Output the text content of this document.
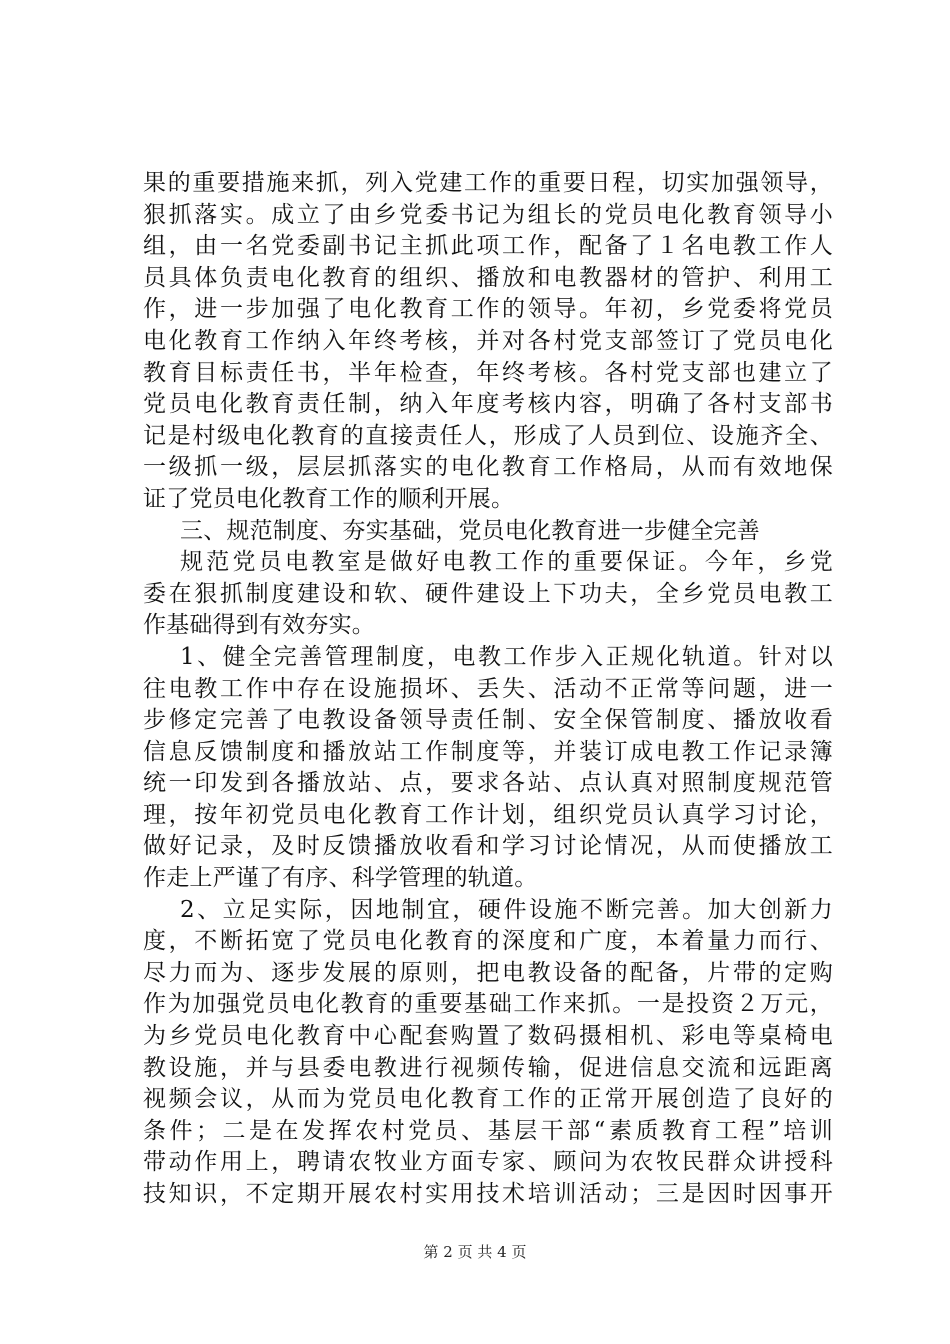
果的重要措施来抓，列入党建工作的重要日程，切实加强领导，
狠抓落实。成立了由乡党委书记为组长的党员电化教育领导小
组，由一名党委副书记主抓此项工作，配备了１名电教工作人
员具体负责电化教育的组织、播放和电教器材的管护、利用工
作，进一步加强了电化教育工作的领导。年初，乡党委将党员
电化教育工作纳入年终考核，并对各村党支部签订了党员电化
教育目标责任书，半年检查，年终考核。各村党支部也建立了
党员电化教育责任制，纳入年度考核内容，明确了各村支部书
记是村级电化教育的直接责任人，形成了人员到位、设施齐全、
一级抓一级，层层抓落实的电化教育工作格局，从而有效地保
证了党员电化教育工作的顺利开展。
三、规范制度、夯实基础，党员电化教育进一步健全完善
规范党员电教室是做好电教工作的重要保证。今年，乡党
委在狠抓制度建设和软、硬件建设上下功夫，全乡党员电教工
作基础得到有效夯实。
1、健全完善管理制度，电教工作步入正规化轨道。针对以
往电教工作中存在设施损坏、丢失、活动不正常等问题，进一
步修定完善了电教设备领导责任制、安全保管制度、播放收看
信息反馈制度和播放站工作制度等，并装订成电教工作记录簿
统一印发到各播放站、点，要求各站、点认真对照制度规范管
理，按年初党员电化教育工作计划，组织党员认真学习讨论，
做好记录，及时反馈播放收看和学习讨论情况，从而使播放工
作走上严谨了有序、科学管理的轨道。
2、立足实际，因地制宜，硬件设施不断完善。加大创新力
度，不断拓宽了党员电化教育的深度和广度，本着量力而行、
尽力而为、逐步发展的原则，把电教设备的配备，片带的定购
作为加强党员电化教育的重要基础工作来抓。一是投资２万元，
为乡党员电化教育中心配套购置了数码摄相机、彩电等桌椅电
教设施，并与县委电教进行视频传输，促进信息交流和远距离
视频会议，从而为党员电化教育工作的正常开展创造了良好的
条件；二是在发挥农村党员、基层干部“素质教育工程”培训
带动作用上，聘请农牧业方面专家、顾问为农牧民群众讲授科
技知识，不定期开展农村实用技术培训活动；三是因时因事开
第 2 页 共 4 页
